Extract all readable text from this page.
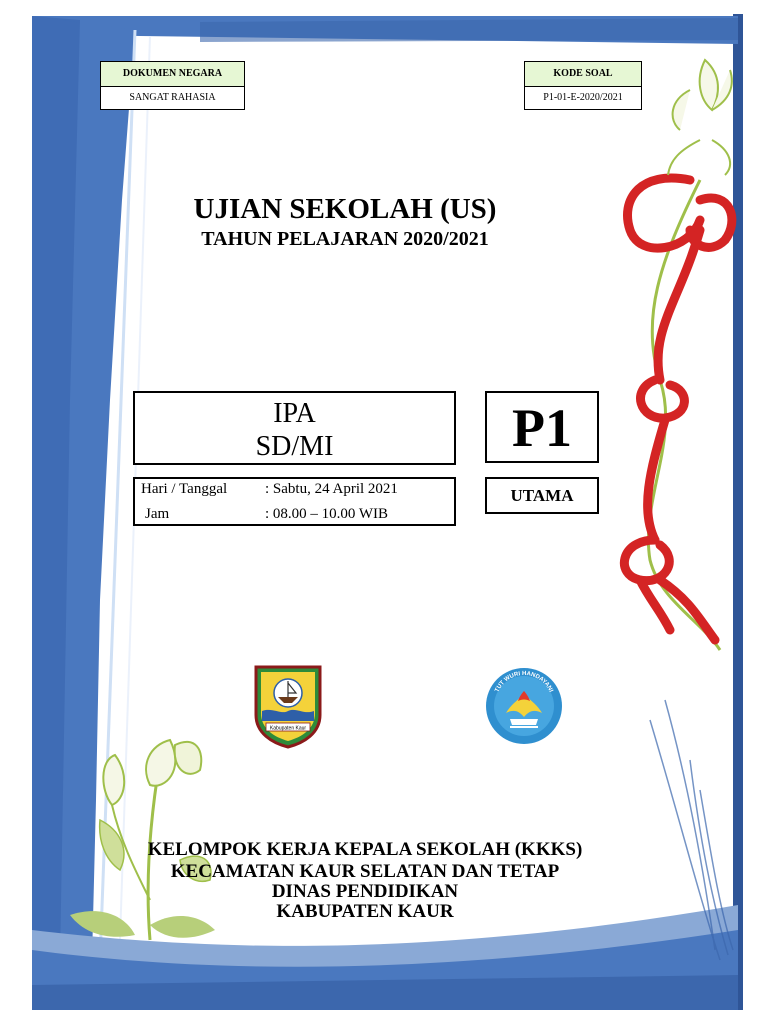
DOKUMEN NEGARA
SANGAT RAHASIA
KODE SOAL
P1-01-E-2020/2021
UJIAN SEKOLAH (US)
TAHUN PELAJARAN 2020/2021
IPA
SD/MI	P1
Hari / Tanggal	: Sabtu, 24 April 2021
Jam	: 08.00 – 10.00 WIB
UTAMA
Kabupaten Kaur
TUT WURI HANDAYANI
KELOMPOK KERJA KEPALA SEKOLAH (KKKS)
KECAMATAN KAUR SELATAN DAN TETAP
DINAS PENDIDIKAN
KABUPATEN KAUR
